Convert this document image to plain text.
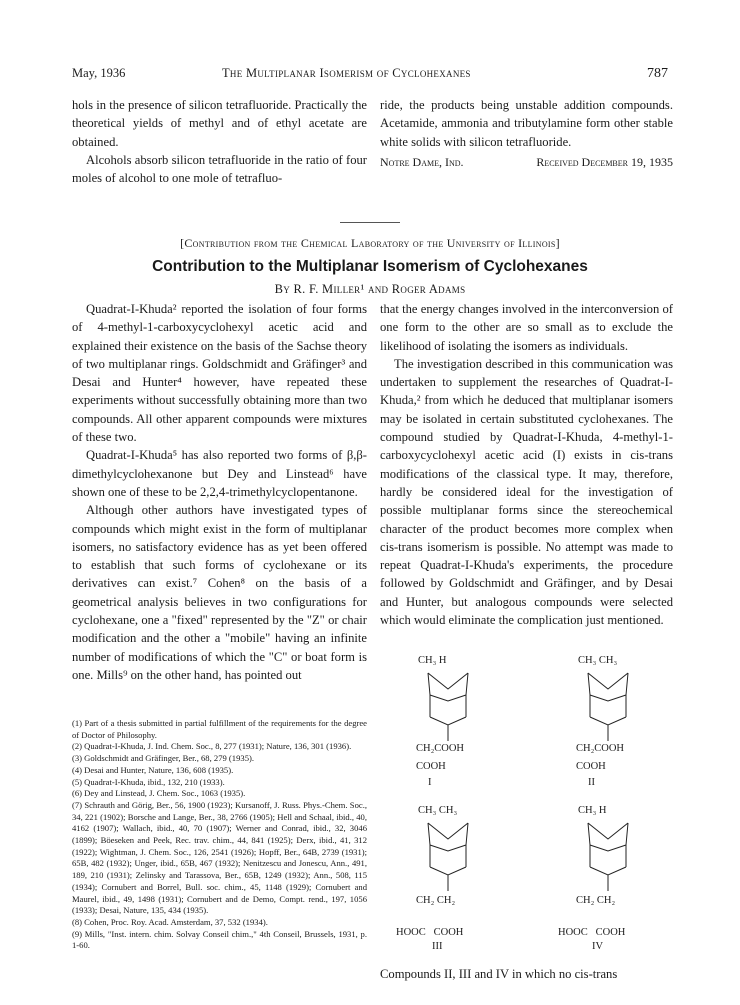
May, 1936	The Multiplanar Isomerism of Cyclohexanes	787

hols in the presence of silicon tetrafluoride. Practically the theoretical yields of methyl and of ethyl acetate are obtained.

Alcohols absorb silicon tetrafluoride in the ratio of four moles of alcohol to one mole of tetrafluo-

ride, the products being unstable addition compounds. Acetamide, ammonia and tributylamine form other stable white solids with silicon tetrafluoride.

Notre Dame, Ind.	Received December 19, 1935
[Contribution from the Chemical Laboratory of the University of Illinois]
Contribution to the Multiplanar Isomerism of Cyclohexanes
By R. F. Miller¹ and Roger Adams

Quadrat-I-Khuda² reported the isolation of four forms of 4-methyl-1-carboxycyclohexyl acetic acid and explained their existence on the basis of the Sachse theory of two multiplanar rings. Goldschmidt and Gräfinger³ and Desai and Hunter⁴ however, have repeated these experiments without successfully obtaining more than two compounds. All other apparent compounds were mixtures of these two.

Quadrat-I-Khuda⁵ has also reported two forms of β,β-dimethylcyclohexanone but Dey and Linstead⁶ have shown one of these to be 2,2,4-trimethylcyclopentanone.

Although other authors have investigated types of compounds which might exist in the form of multiplanar isomers, no satisfactory evidence has as yet been offered to establish that such forms of cyclohexane or its derivatives can exist.⁷ Cohen⁸ on the basis of a geometrical analysis believes in two configurations for cyclohexane, one a "fixed" represented by the "Z" or chair modification and the other a "mobile" having an infinite number of modifications of which the "C" or boat form is one. Mills⁹ on the other hand, has pointed out

(1) Part of a thesis submitted in partial fulfillment of the requirements for the degree of Doctor of Philosophy.
(2) Quadrat-I-Khuda, J. Ind. Chem. Soc., 8, 277 (1931); Nature, 136, 301 (1936).
(3) Goldschmidt and Gräfinger, Ber., 68, 279 (1935).
(4) Desai and Hunter, Nature, 136, 608 (1935).
(5) Quadrat-I-Khuda, ibid., 132, 210 (1933).
(6) Dey and Linstead, J. Chem. Soc., 1063 (1935).
(7) Schrauth and Görig, Ber., 56, 1900 (1923); Kursanoff, J. Russ. Phys.-Chem. Soc., 34, 221 (1902); Borsche and Lange, Ber., 38, 2766 (1905); Hell and Schaal, ibid., 40, 4162 (1907); Wallach, ibid., 40, 70 (1907); Werner and Conrad, ibid., 32, 3046 (1899); Böeseken and Peek, Rec. trav. chim., 44, 841 (1925); Derx, ibid., 41, 312 (1922); Wightman, J. Chem. Soc., 126, 2541 (1926); Hopff, Ber., 64B, 2739 (1931); 65B, 482 (1932); Unger, ibid., 65B, 467 (1932); Nenitzescu and Jonescu, Ann., 491, 189, 210 (1931); Zelinsky and Tarassova, Ber., 65B, 1249 (1932); Ann., 508, 115 (1934); Cornubert and Borrel, Bull. soc. chim., 45, 1148 (1929); Cornubert and Maurel, ibid., 49, 1498 (1931); Cornubert and de Demo, Compt. rend., 197, 1056 (1933); Desai, Nature, 135, 434 (1935).
(8) Cohen, Proc. Roy. Acad. Amsterdam, 37, 532 (1934).
(9) Mills, "Inst. intern. chim. Solvay Conseil chim.," 4th Conseil, Brussels, 1931, p. 1-60.

that the energy changes involved in the interconversion of one form to the other are so small as to exclude the likelihood of isolating the isomers as individuals.

The investigation described in this communication was undertaken to supplement the researches of Quadrat-I-Khuda,² from which he deduced that multiplanar isomers may be isolated in certain substituted cyclohexanes. The compound studied by Quadrat-I-Khuda, 4-methyl-1-carboxycyclohexyl acetic acid (I) exists in cis-trans modifications of the classical type. It may, therefore, hardly be considered ideal for the investigation of possible multiplanar forms since the stereochemical character of the product becomes more complex when cis-trans isomerism is possible. No attempt was made to repeat Quadrat-I-Khuda's experiments, the procedure followed by Goldschmidt and Gräfinger, and by Desai and Hunter, but analogous compounds were selected which would eliminate the complication just mentioned.

CH₃ H
CH₂COOH
COOH
I
CH₃ CH₃
CH₂COOH
COOH
II
CH₃ CH₃
CH₂ CH₂
HOOC   COOH
III
CH₃ H
CH₂ CH₂
HOOC   COOH
IV
Compounds II, III and IV in which no cis-trans
